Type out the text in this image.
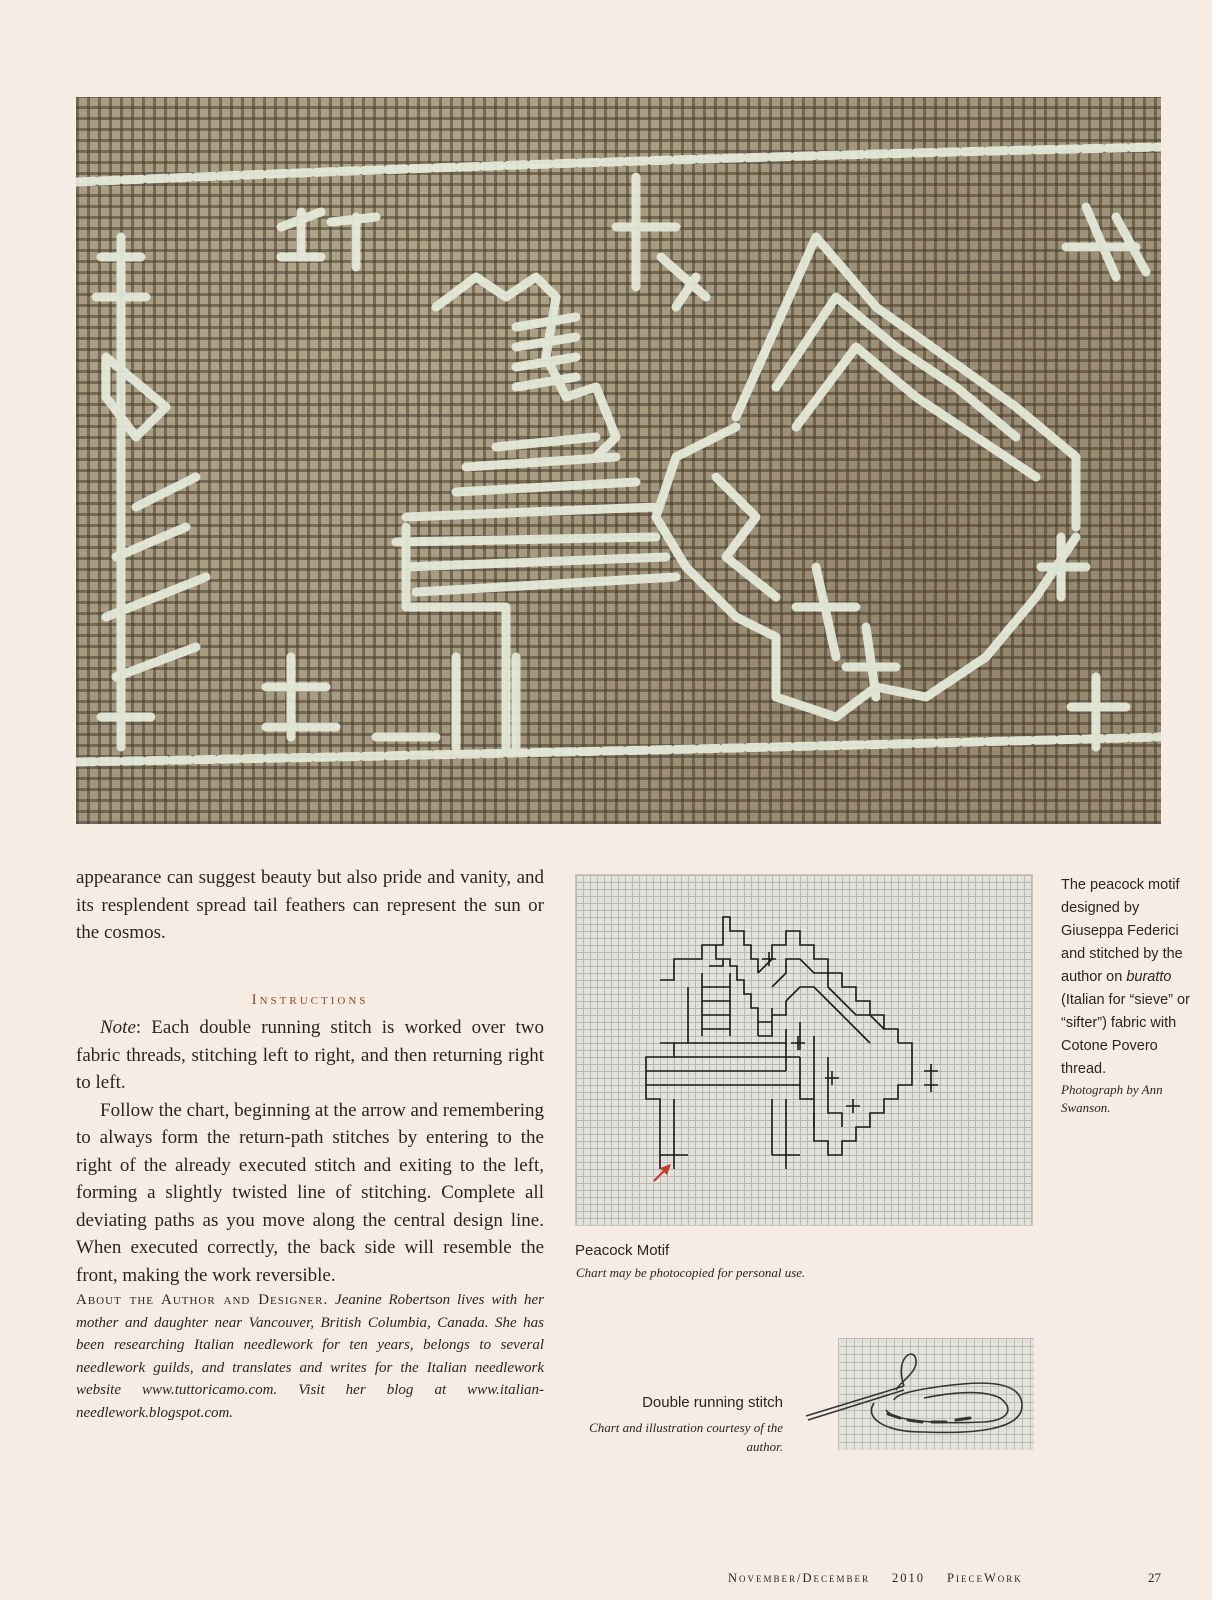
appearance can suggest beauty but also pride and vanity, and its resplendent spread tail feathers can represent the sun or the cosmos.

Instructions

Note: Each double running stitch is worked over two fabric threads, stitching left to right, and then returning right to left.

Follow the chart, beginning at the arrow and remembering to always form the return-path stitches by entering to the right of the already executed stitch and exiting to the left, forming a slightly twisted line of stitching. Complete all deviating paths as you move along the central design line. When executed correctly, the back side will resemble the front, making the work reversible.

About the Author and Designer. Jeanine Robertson lives with her mother and daughter near Vancouver, British Columbia, Canada. She has been researching Italian needlework for ten years, belongs to several needlework guilds, and translates and writes for the Italian needlework website www.tuttoricamo.com. Visit her blog at www.italian-needlework.blogspot.com.

Peacock Motif
Chart may be photocopied for personal use.
The peacock motif designed by Giuseppa Federici and stitched by the author on buratto (Italian for “sieve” or “sifter”) fabric with Cotone Povero thread.
Photograph by Ann Swanson.
Double running stitch
Chart and illustration courtesy of the author.
November/December 2010 PieceWork	27
